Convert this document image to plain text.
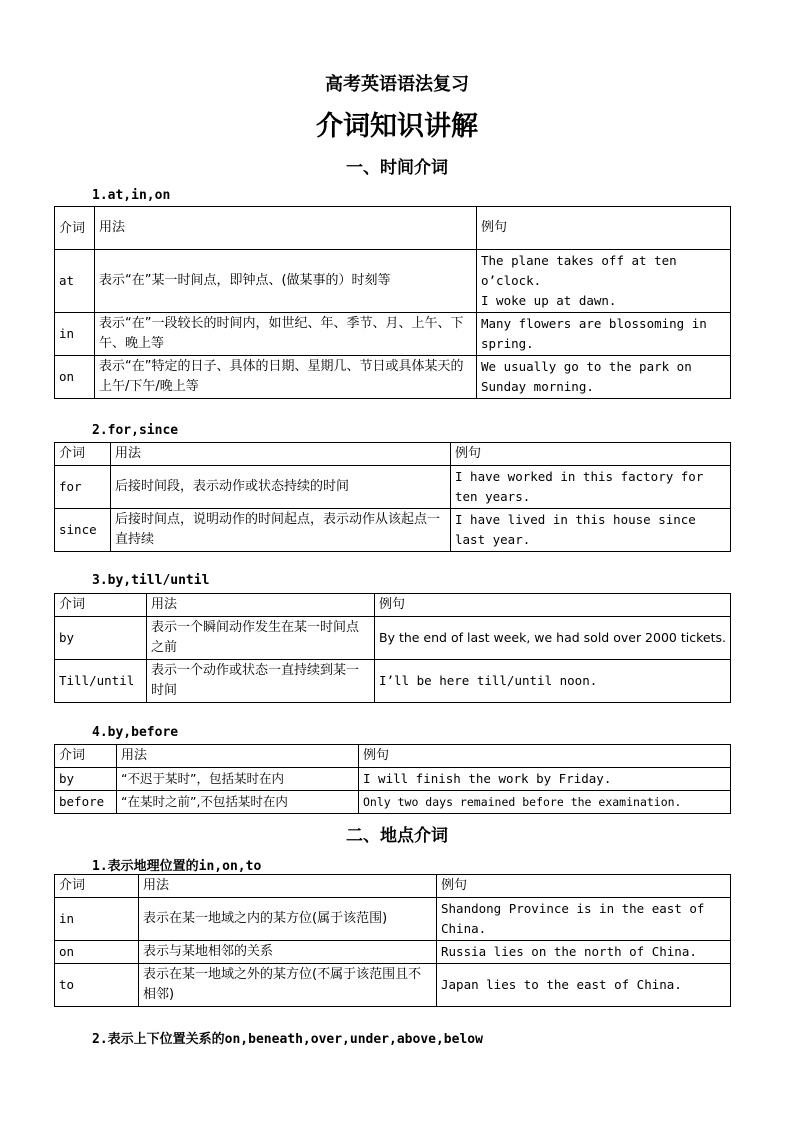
高考英语语法复习
介词知识讲解
一、时间介词
1.at,in,on
介词	用法	例句
at	表示“在”某一时间点，即钟点、(做某事的）时刻等	The plane takes off at ten o’clock.
I woke up at dawn.

in	表示“在”一段较长的时间内，如世纪、年、季节、月、上午、下午、晚上等	Many flowers are blossoming in spring.

on	表示“在”特定的日子、具体的日期、星期几、节日或具体某天的上午/下午/晚上等	We usually go to the park on Sunday morning.
2.for,since
介词	用法	例句
for	后接时间段，表示动作或状态持续的时间	I have worked in this factory for ten years.
since	后接时间点，说明动作的时间起点，表示动作从该起点一直持续	I have lived in this house since last year.
3.by,till/until
介词	用法	例句
by	表示一个瞬间动作发生在某一时间点之前	By the end of last week, we had sold over 2000 tickets.
Till/until	表示一个动作或状态一直持续到某一时间	I’ll be here till/until noon.
4.by,before
介词	用法	例句
by	“不迟于某时”，包括某时在内	I will finish the work by Friday.
before	“在某时之前”,不包括某时在内	Only two days remained before the examination.
二、地点介词
1.表示地理位置的in,on,to
介词	用法	例句
in	表示在某一地域之内的某方位(属于该范围)	Shandong Province is in the east of China.
on	表示与某地相邻的关系	Russia lies on the north of China.
to	表示在某一地域之外的某方位(不属于该范围且不相邻)	Japan lies to the east of China.
2.表示上下位置关系的on,beneath,over,under,above,below
